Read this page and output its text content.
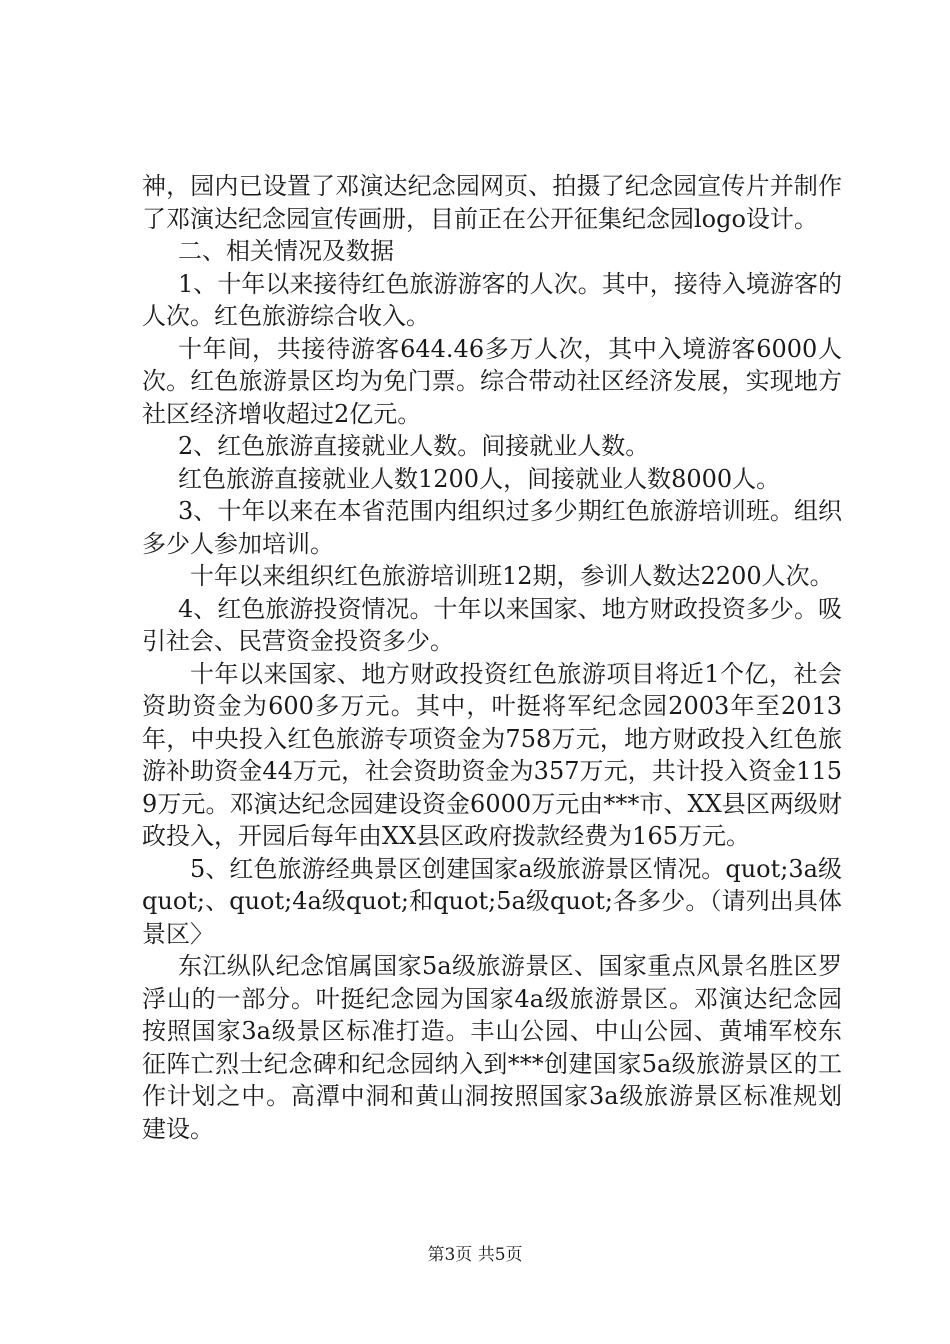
神，园内已设置了邓演达纪念园网页、拍摄了纪念园宣传片并制作了邓演达纪念园宣传画册，目前正在公开征集纪念园logo设计。

二、相关情况及数据

1、十年以来接待红色旅游游客的人次。其中，接待入境游客的人次。红色旅游综合收入。

十年间，共接待游客644.46多万人次，其中入境游客6000人次。红色旅游景区均为免门票。综合带动社区经济发展，实现地方社区经济增收超过2亿元。

2、红色旅游直接就业人数。间接就业人数。

红色旅游直接就业人数1200人，间接就业人数8000人。

3、十年以来在本省范围内组织过多少期红色旅游培训班。组织多少人参加培训。

十年以来组织红色旅游培训班12期，参训人数达2200人次。

4、红色旅游投资情况。十年以来国家、地方财政投资多少。吸引社会、民营资金投资多少。

十年以来国家、地方财政投资红色旅游项目将近1个亿，社会资助资金为600多万元。其中，叶挺将军纪念园2003年至2013年，中央投入红色旅游专项资金为758万元，地方财政投入红色旅游补助资金44万元，社会资助资金为357万元，共计投入资金1159万元。邓演达纪念园建设资金6000万元由***市、XX县区两级财政投入，开园后每年由XX县区政府拨款经费为165万元。

5、红色旅游经典景区创建国家a级旅游景区情况。quot;3a级quot;、quot;4a级quot;和quot;5a级quot;各多少。（请列出具体景区〉

东江纵队纪念馆属国家5a级旅游景区、国家重点风景名胜区罗浮山的一部分。叶挺纪念园为国家4a级旅游景区。邓演达纪念园按照国家3a级景区标准打造。丰山公园、中山公园、黄埔军校东征阵亡烈士纪念碑和纪念园纳入到***创建国家5a级旅游景区的工作计划之中。高潭中洞和黄山洞按照国家3a级旅游景区标准规划建设。

第3页 共5页
